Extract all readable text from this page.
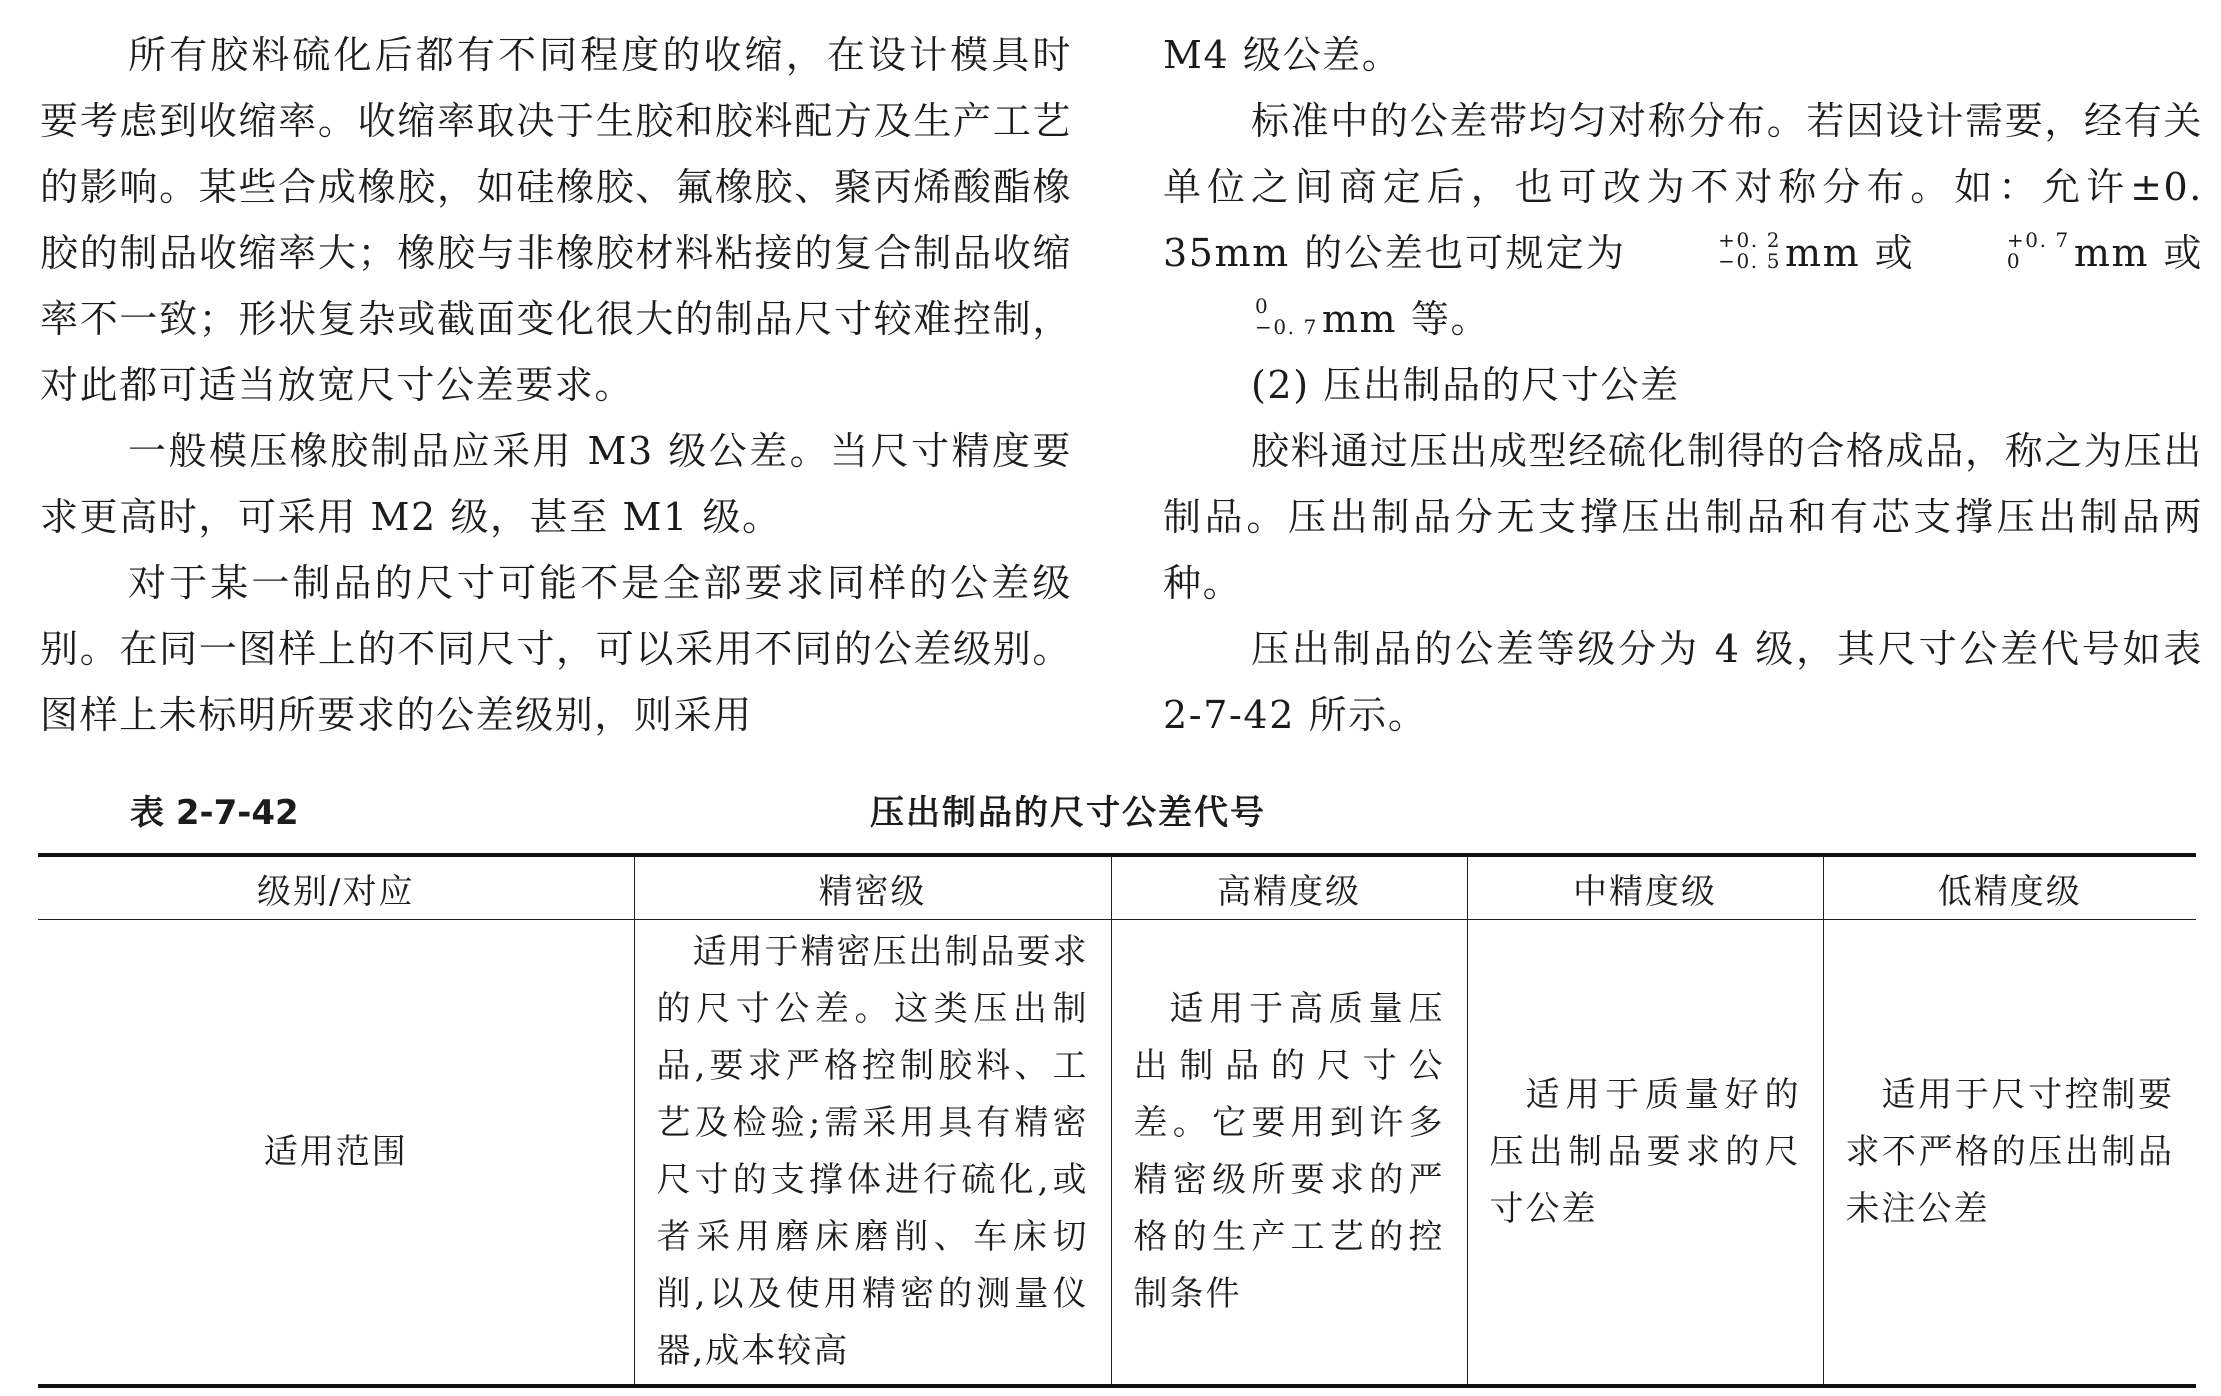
所有胶料硫化后都有不同程度的收缩，在设计模具时要考虑到收缩率。收缩率取决于生胶和胶料配方及生产工艺的影响。某些合成橡胶，如硅橡胶、氟橡胶、聚丙烯酸酯橡胶的制品收缩率大；橡胶与非橡胶材料粘接的复合制品收缩率不一致；形状复杂或截面变化很大的制品尺寸较难控制，对此都可适当放宽尺寸公差要求。

一般模压橡胶制品应采用 M3 级公差。当尺寸精度要求更高时，可采用 M2 级，甚至 M1 级。

对于某一制品的尺寸可能不是全部要求同样的公差级别。在同一图样上的不同尺寸，可以采用不同的公差级别。图样上未标明所要求的公差级别，则采用

M4 级公差。

标准中的公差带均匀对称分布。若因设计需要，经有关单位之间商定后，也可改为不对称分布。如：允许±0. 35mm 的公差也可规定为	+0. 2
−0. 5 mm 或	+0. 7
0	mm 或
0
−0. 7 mm 等。

(2) 压出制品的尺寸公差

胶料通过压出成型经硫化制得的合格成品，称之为压出制品。压出制品分无支撑压出制品和有芯支撑压出制品两种。

压出制品的公差等级分为 4 级，其尺寸公差代号如表 2-7-42 所示。

表 2-7-42	压出制品的尺寸公差代号
级别/对应	精密级	高精度级	中精度级	低精度级
适用范围	适用于精密压出制品要求的尺寸公差。这类压出制品,要求严格控制胶料、工艺及检验;需采用具有精密尺寸的支撑体进行硫化,或者采用磨床磨削、车床切削,以及使用精密的测量仪器,成本较高	适用于高质量压出制品的尺寸公差。它要用到许多精密级所要求的严格的生产工艺的控制条件	适用于质量好的压出制品要求的尺寸公差	适用于尺寸控制要求不严格的压出制品未注公差
